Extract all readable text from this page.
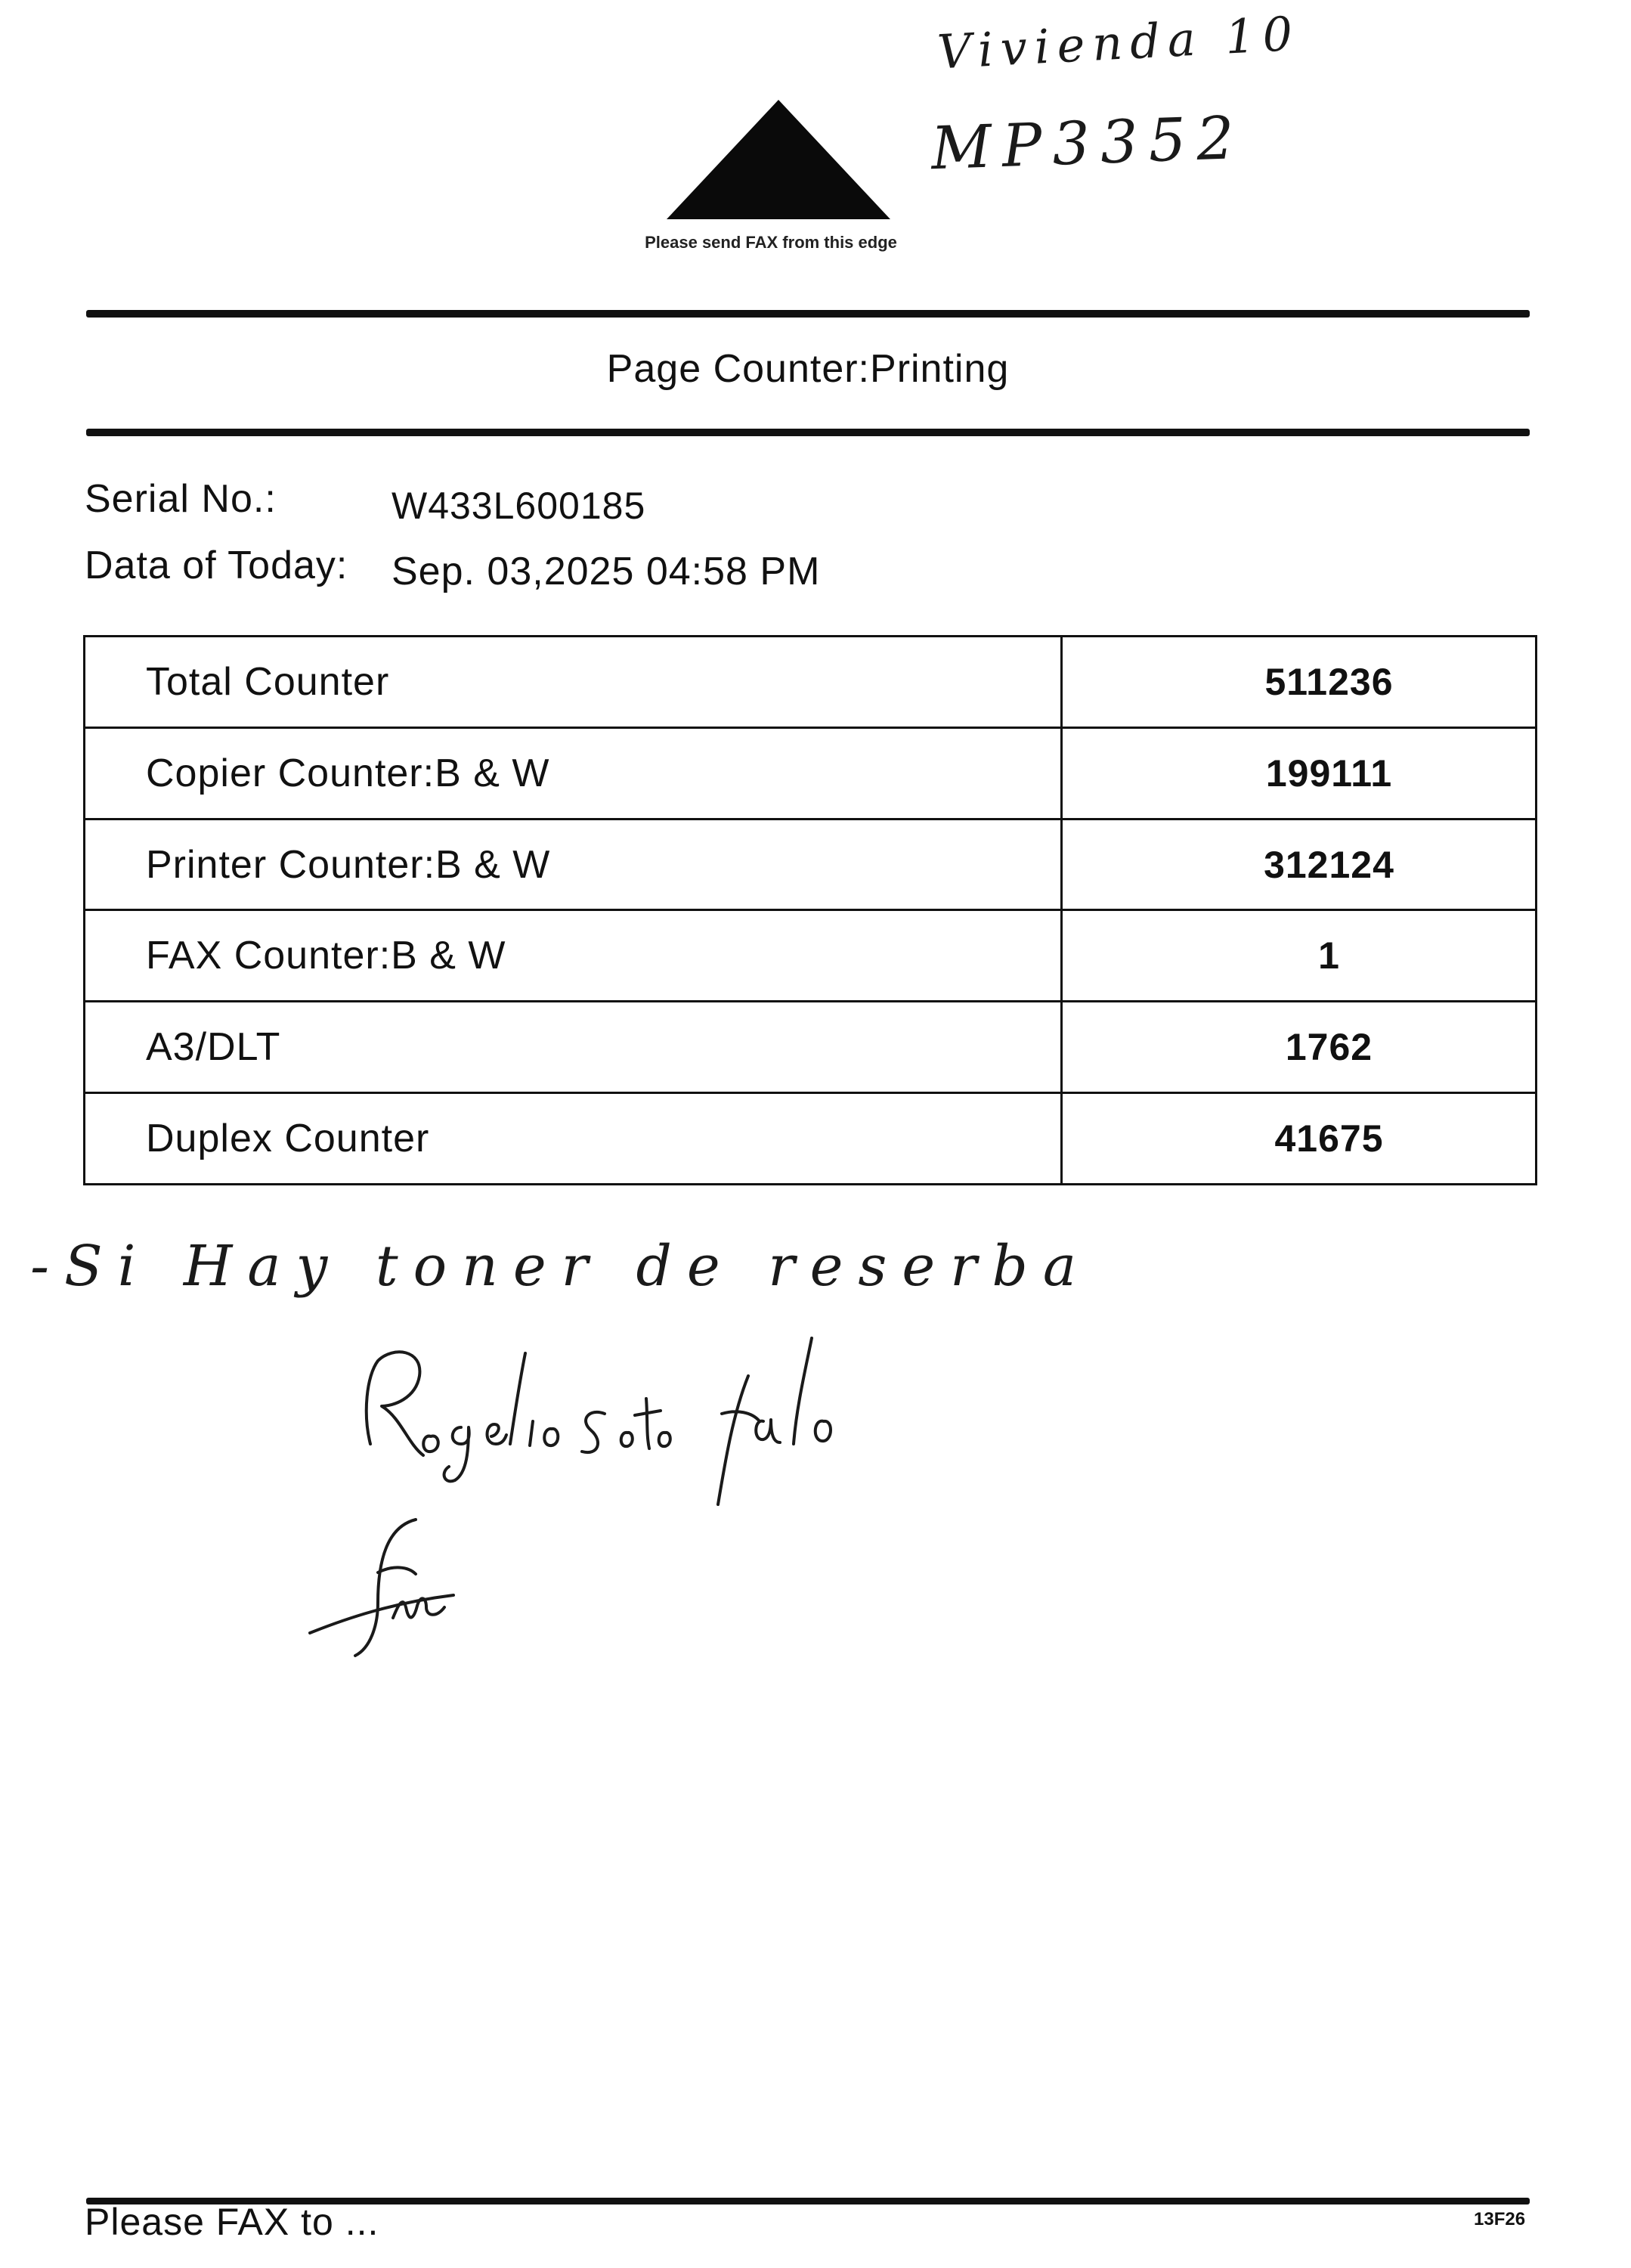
Vivienda 10
MP3352
Please send FAX from this edge
Page Counter:Printing
Serial No.:	W433L600185
Data of Today: Sep. 03,2025 04:58 PM
Total Counter	511236
Copier Counter:B & W	199111
Printer Counter:B & W	312124
FAX Counter:B & W	1
A3/DLT	1762
Duplex Counter	41675
-Si Hay toner de reserba
Please FAX to ...	13F26
